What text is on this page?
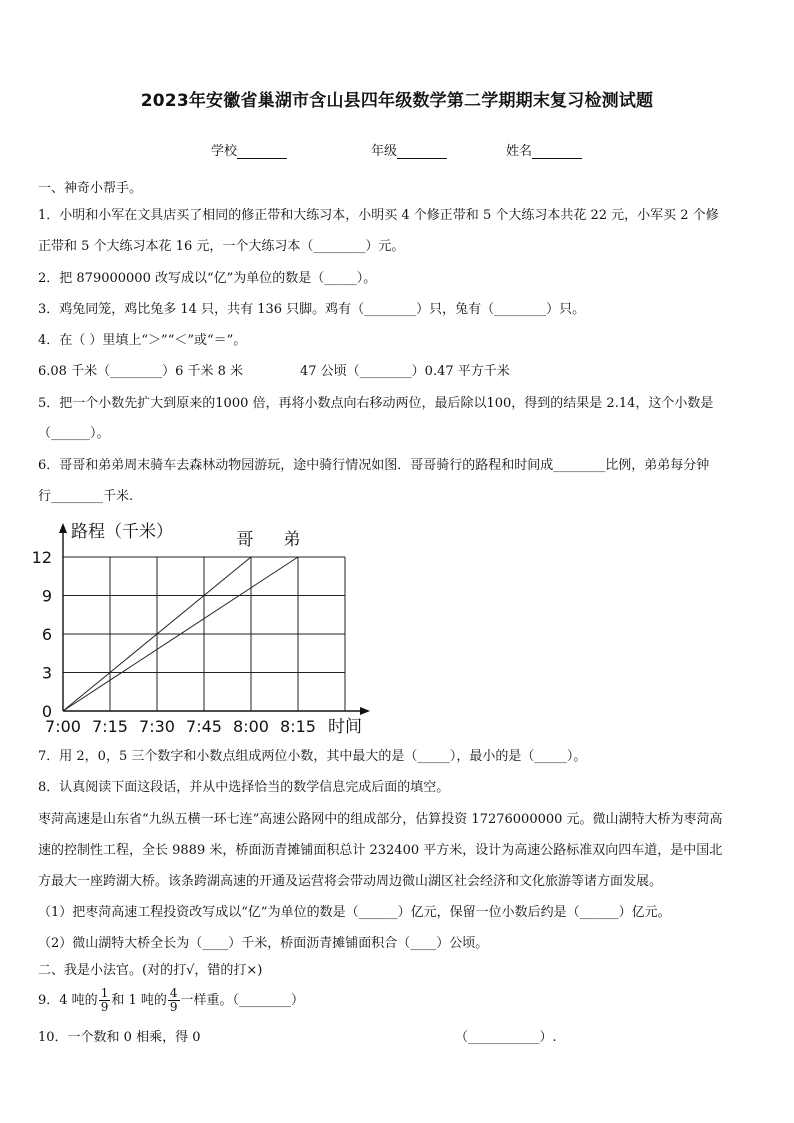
2023年安徽省巢湖市含山县四年级数学第二学期期末复习检测试题
学校	年级	姓名
一、神奇小帮手。
1．小明和小军在文具店买了相同的修正带和大练习本，小明买 4 个修正带和 5 个大练习本共花 22 元，小军买 2 个修
正带和 5 个大练习本花 16 元，一个大练习本（________）元。
2．把 879000000 改写成以“亿”为单位的数是（_____）。
3．鸡兔同笼，鸡比兔多 14 只，共有 136 只脚。鸡有（________）只，兔有（________）只。
4．在（ ）里填上“＞”“＜”或“＝”。
6.08 千米（________）6 千米 8 米	47 公顷（________）0.47 平方千米
5．把一个小数先扩大到原来的1000 倍，再将小数点向右移动两位，最后除以100，得到的结果是 2.14，这个小数是
（______）。
6．哥哥和弟弟周末骑车去森林动物园游玩，途中骑行情况如图．哥哥骑行的路程和时间成________比例，弟弟每分钟
行________千米.
0
3
6
9
12
7:00 7:15 7:30 7:45 8:00 8:15
路程（千米）
时间
哥 弟
7．用 2，0，5 三个数字和小数点组成两位小数，其中最大的是（_____），最小的是（_____）。
8．认真阅读下面这段话，并从中选择恰当的数学信息完成后面的填空。
枣菏高速是山东省“九纵五横一环七连”高速公路网中的组成部分，估算投资 17276000000 元。微山湖特大桥为枣菏高
速的控制性工程，全长 9889 米，桥面沥青摊铺面积总计 232400 平方米，设计为高速公路标准双向四车道，是中国北
方最大一座跨湖大桥。该条跨湖高速的开通及运营将会带动周边微山湖区社会经济和文化旅游等诸方面发展。
（1）把枣菏高速工程投资改写成以“亿”为单位的数是（______）亿元，保留一位小数后约是（______）亿元。
（2）微山湖特大桥全长为（____）千米，桥面沥青摊铺面积合（____）公顷。
二、我是小法官。(对的打√，错的打×)
9．4 吨的 $\frac{1}{9}$ 和 1 吨的 $\frac{4}{9}$ 一样重。（________）
10．一个数和 0 相乘，得 0	（___________）.
